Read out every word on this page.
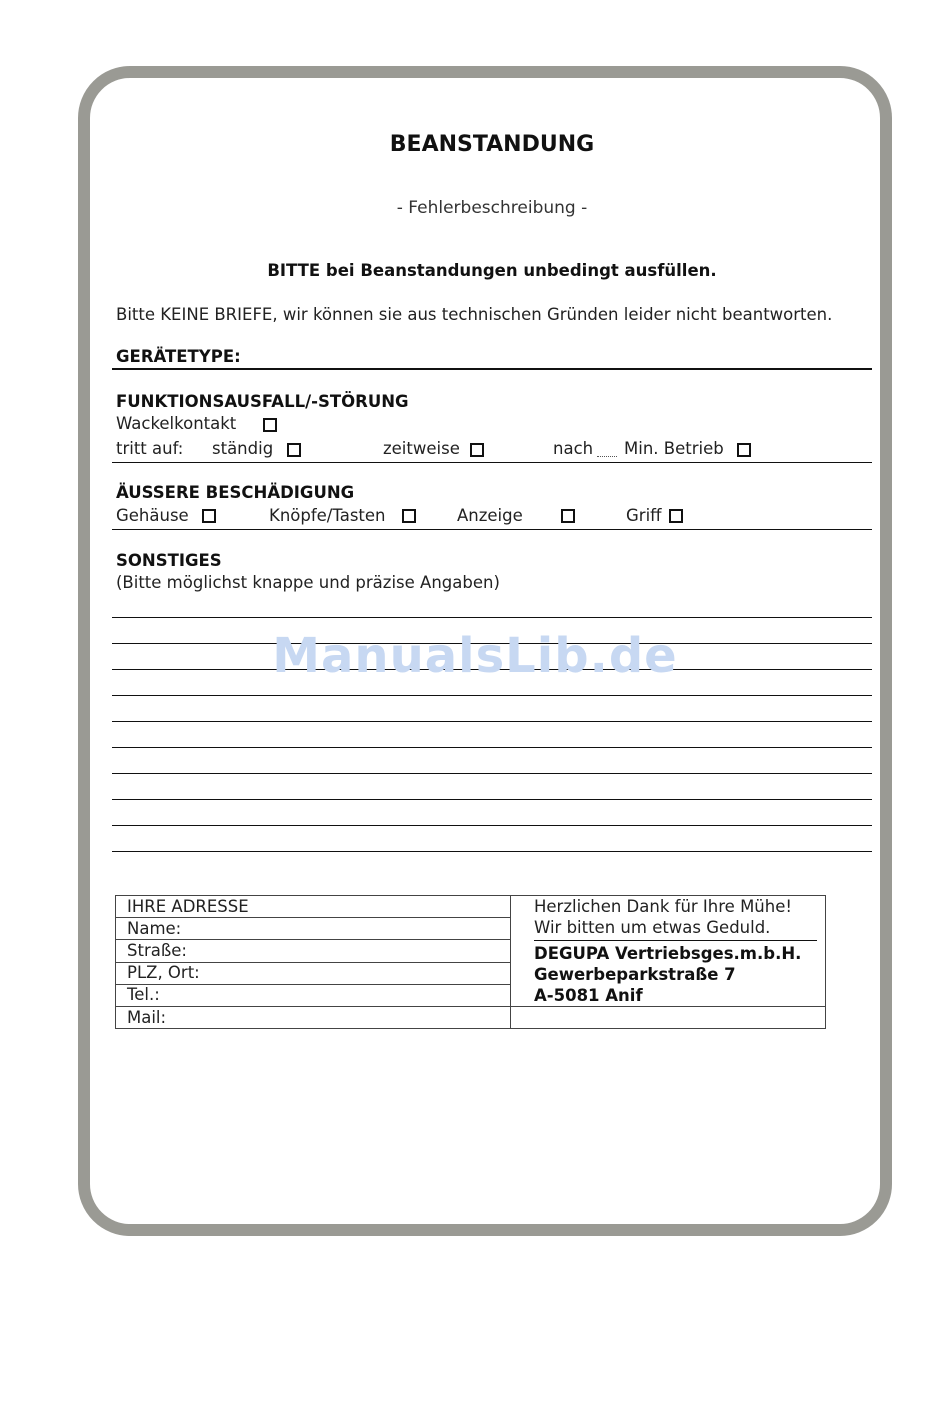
BEANSTANDUNG
- Fehlerbeschreibung -
BITTE bei Beanstandungen unbedingt ausfüllen.
Bitte KEINE BRIEFE, wir können sie aus technischen Gründen leider nicht beantworten.
GERÄTETYPE:
FUNKTIONSAUSFALL/-STÖRUNG
Wackelkontakt
tritt auf: ständig	zeitweise	nach Min. Betrieb
ÄUSSERE BESCHÄDIGUNG
Gehäuse	Knöpfe/Tasten	Anzeige	Griff
SONSTIGES
(Bitte möglichst knappe und präzise Angaben)
ManualsLib.de
IHRE ADRESSE	Herzlichen Dank für Ihre Mühe!
Wir bitten um etwas Geduld.
DEGUPA Vertriebsges.m.b.H.
Gewerbeparkstraße 7
A-5081 Anif

Name:	
Straße:	
PLZ, Ort:	
Tel.:	
Mail:	
